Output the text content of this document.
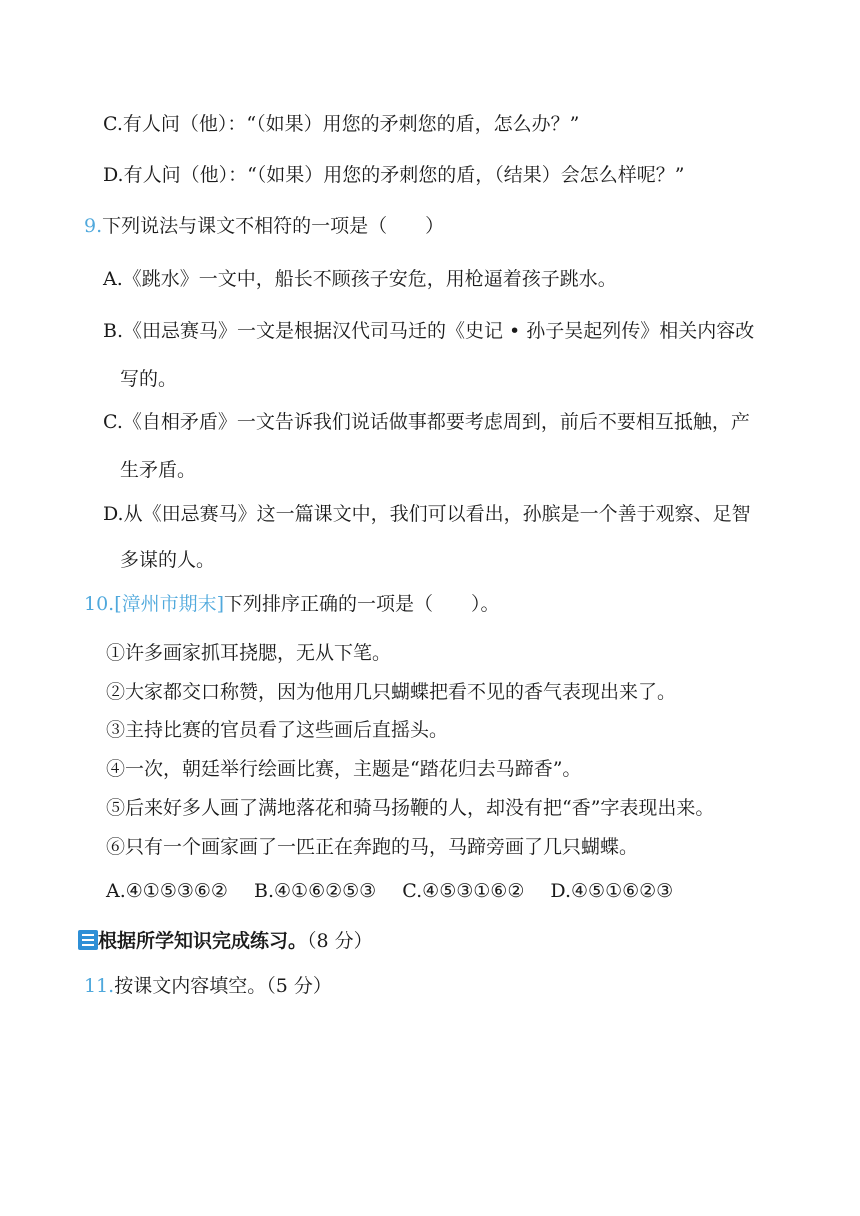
C.有人问（他）：“（如果）用您的矛刺您的盾，怎么办？”
D.有人问（他）：“（如果）用您的矛刺您的盾，（结果）会怎么样呢？”
9.下列说法与课文不相符的一项是（　　）
A.《跳水》一文中，船长不顾孩子安危，用枪逼着孩子跳水。
B.《田忌赛马》一文是根据汉代司马迁的《史记 • 孙子吴起列传》相关内容改
写的。
C.《自相矛盾》一文告诉我们说话做事都要考虑周到，前后不要相互抵触，产
生矛盾。
D.从《田忌赛马》这一篇课文中，我们可以看出，孙膑是一个善于观察、足智
多谋的人。
10.[漳州市期末]下列排序正确的一项是（　　）。
①许多画家抓耳挠腮，无从下笔。
②大家都交口称赞，因为他用几只蝴蝶把看不见的香气表现出来了。
③主持比赛的官员看了这些画后直摇头。
④一次，朝廷举行绘画比赛，主题是“踏花归去马蹄香”。
⑤后来好多人画了满地落花和骑马扬鞭的人，却没有把“香”字表现出来。
⑥只有一个画家画了一匹正在奔跑的马，马蹄旁画了几只蝴蝶。
A.④①⑤③⑥② B.④①⑥②⑤③ C.④⑤③①⑥② D.④⑤①⑥②③
根据所学知识完成练习。（8 分）
11.按课文内容填空。（5 分）
